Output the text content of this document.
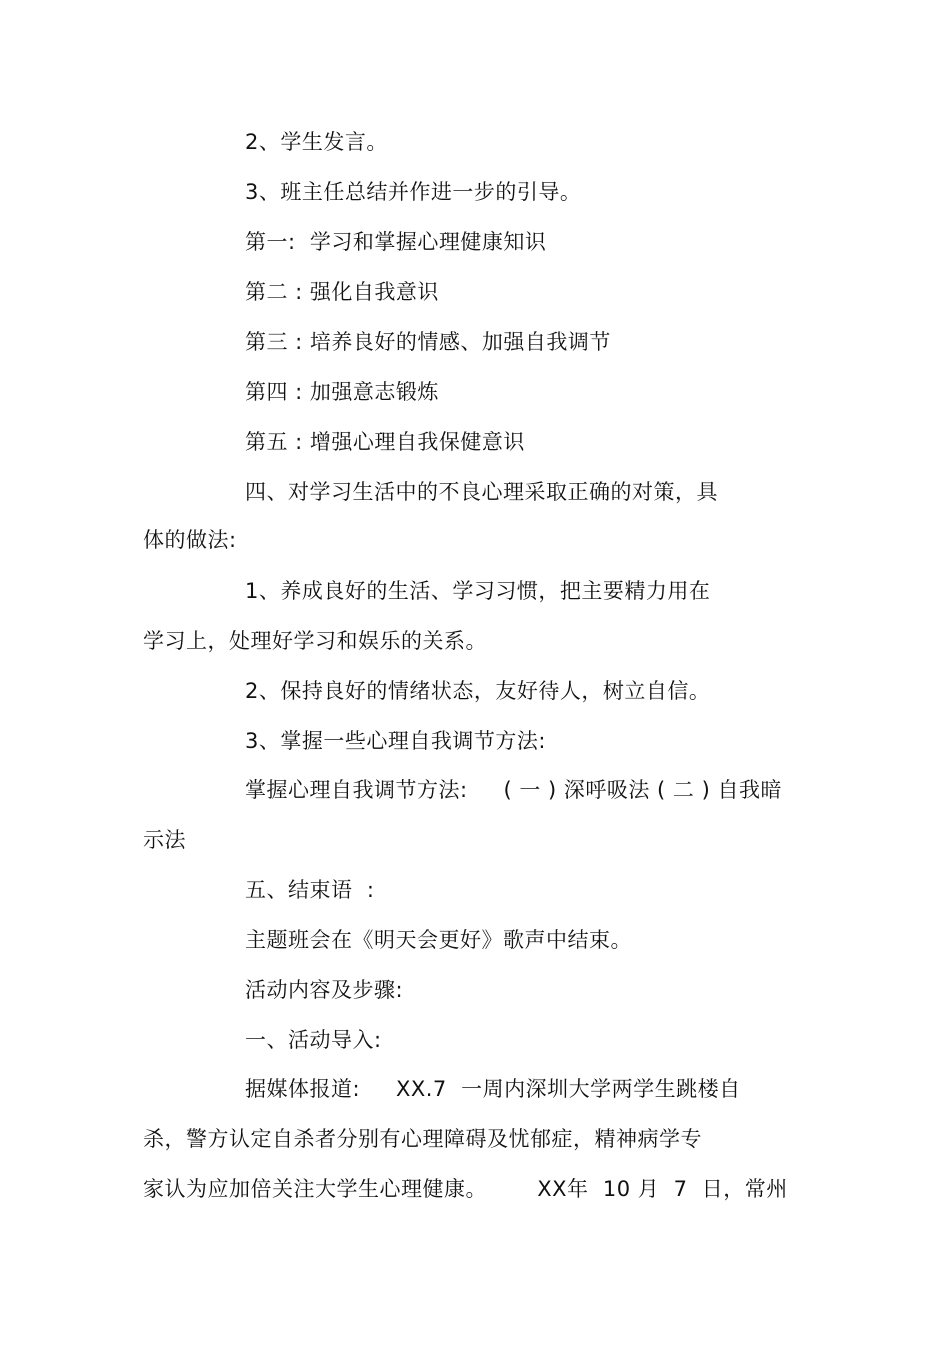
2、学生发言。
3、班主任总结并作进一步的引导。
第一:  学习和掌握心理健康知识
第二 : 强化自我意识
第三 : 培养良好的情感、加强自我调节
第四 : 加强意志锻炼
第五 : 增强心理自我保健意识
四、对学习生活中的不良心理采取正确的对策，具
体的做法:
1、养成良好的生活、学习习惯，把主要精力用在
学习上，处理好学习和娱乐的关系。
2、保持良好的情绪状态，友好待人，树立自信。
3、掌握一些心理自我调节方法:
掌握心理自我调节方法:     ( 一 ) 深呼吸法 ( 二 ) 自我暗
示法
五、结束语  :
主题班会在《明天会更好》歌声中结束。
活动内容及步骤:
一、活动导入:
据媒体报道:     XX.7  一周内深圳大学两学生跳楼自
杀，警方认定自杀者分别有心理障碍及忧郁症，精神病学专
家认为应加倍关注大学生心理健康。       XX年  10 月  7  日，常州
